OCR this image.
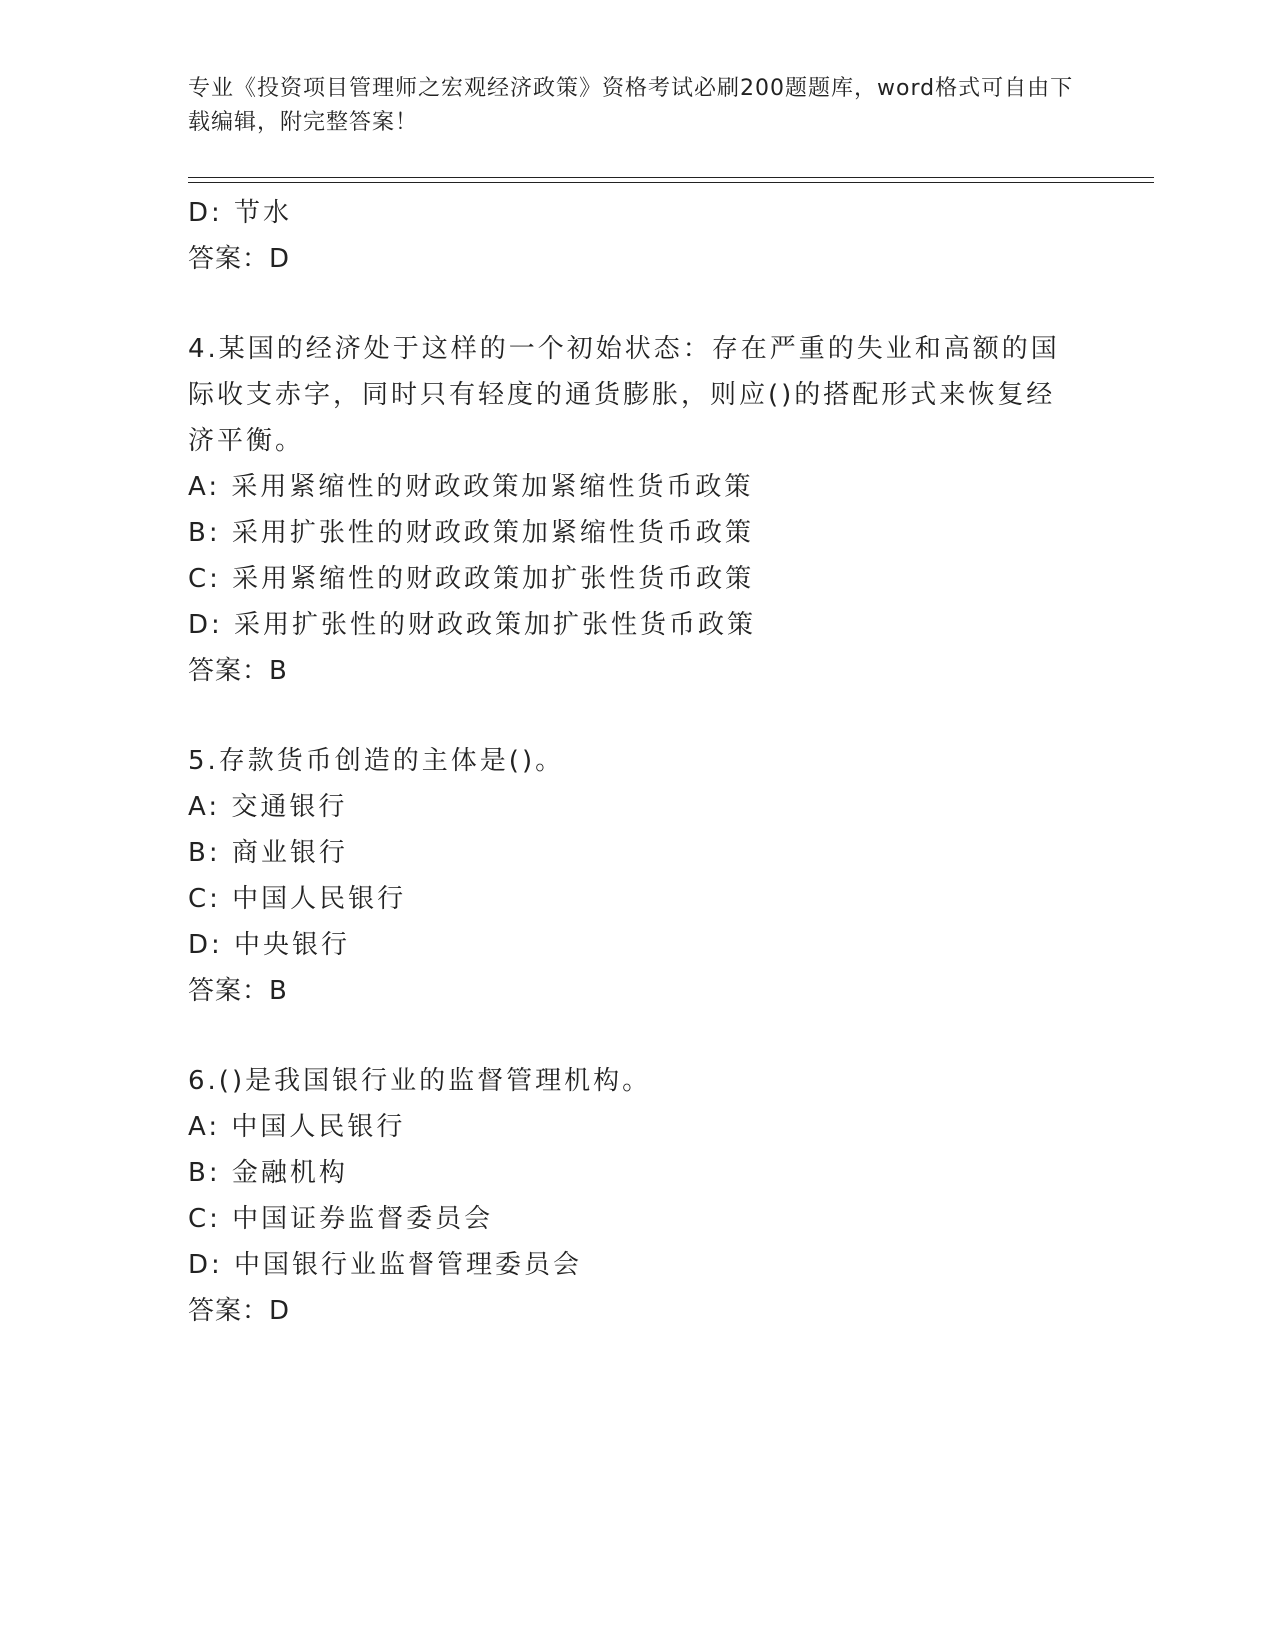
专业《投资项目管理师之宏观经济政策》资格考试必刷200题题库，word格式可自由下载编辑，附完整答案！
D: 节水
答案：D
4.某国的经济处于这样的一个初始状态：存在严重的失业和高额的国际收支赤字，同时只有轻度的通货膨胀，则应()的搭配形式来恢复经济平衡。
A: 采用紧缩性的财政政策加紧缩性货币政策
B: 采用扩张性的财政政策加紧缩性货币政策
C: 采用紧缩性的财政政策加扩张性货币政策
D: 采用扩张性的财政政策加扩张性货币政策
答案：B
5.存款货币创造的主体是()。
A: 交通银行
B: 商业银行
C: 中国人民银行
D: 中央银行
答案：B
6.()是我国银行业的监督管理机构。
A: 中国人民银行
B: 金融机构
C: 中国证券监督委员会
D: 中国银行业监督管理委员会
答案：D
